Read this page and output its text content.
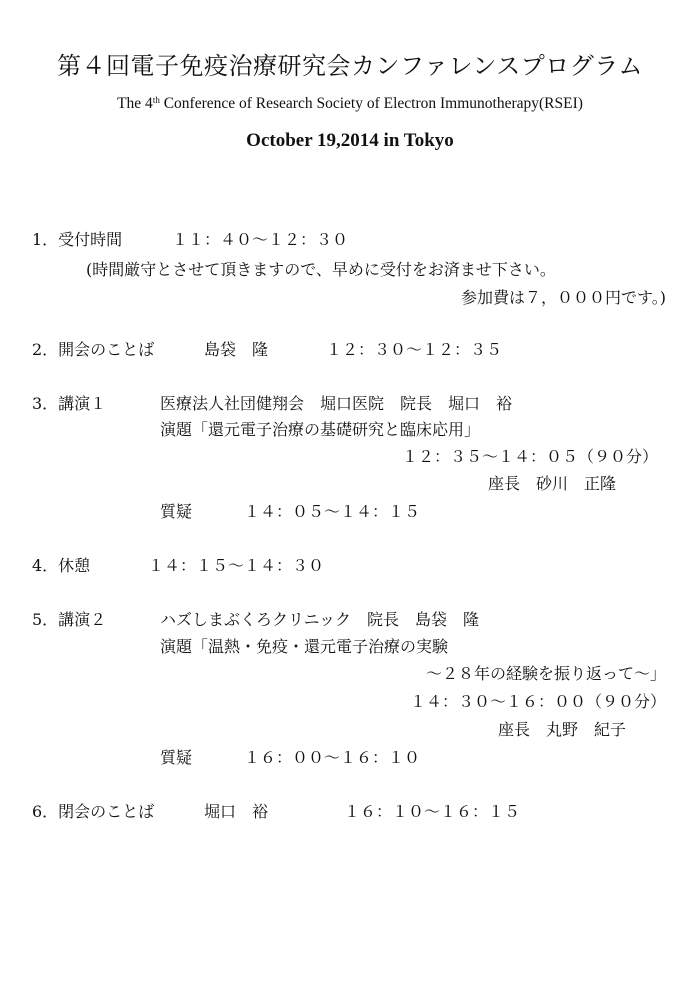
第４回電子免疫治療研究会カンファレンスプログラム
The 4th Conference of Research Society of Electron Immunotherapy(RSEI)
October 19,2014 in Tokyo
1．受付時間	１１：４０～１２：３０
(時間厳守とさせて頂きますので、早めに受付をお済ませ下さい。
参加費は７，０００円です。)
2．開会のことば	島袋　隆	１２：３０～１２：３５
3．講演１	医療法人社団健翔会　堀口医院　院長　堀口　裕
演題「還元電子治療の基礎研究と臨床応用」
１２：３５～１４：０５（９０分）
座長　砂川　正隆
質疑	１４：０５～１４：１５
4．休憩	１４：１５～１４：３０
5．講演２	ハズしまぶくろクリニック　院長　島袋　隆
演題「温熱・免疫・還元電子治療の実験
～２８年の経験を振り返って～」
１４：３０～１６：００（９０分）
座長　丸野　紀子
質疑	１６：００～１６：１０
6．閉会のことば	堀口　裕	１６：１０～１６：１５
